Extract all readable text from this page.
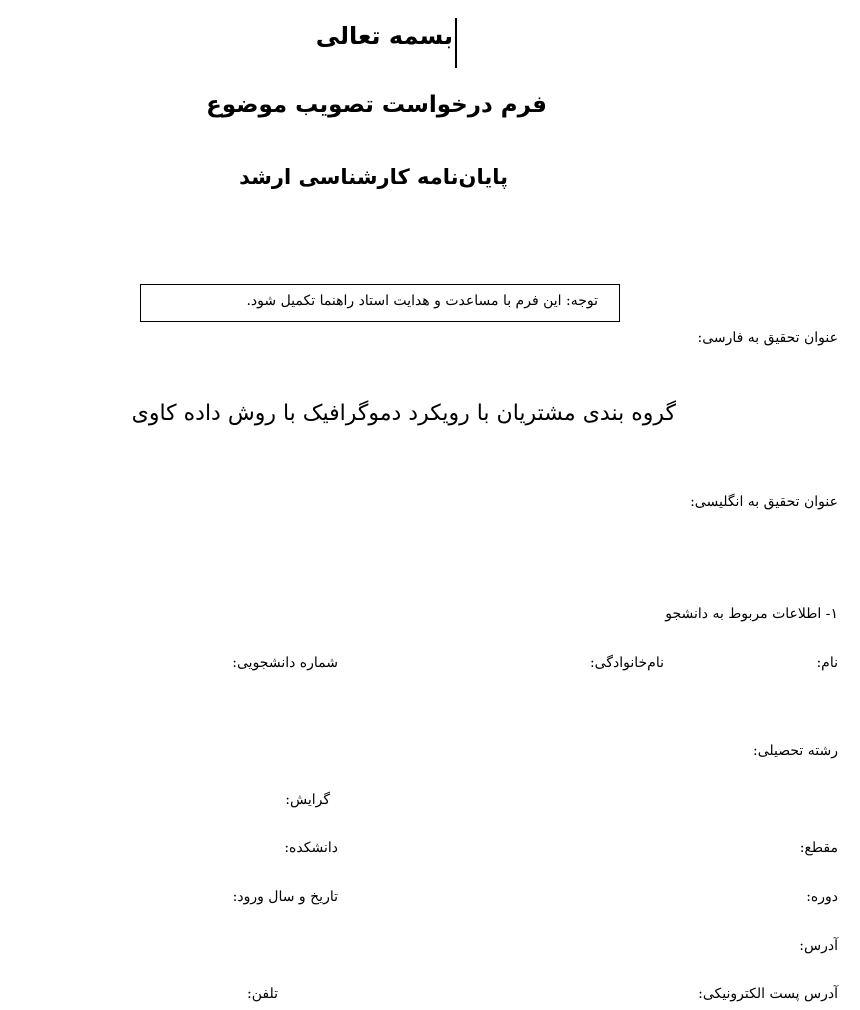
بسمه تعالی
فرم درخواست تصویب موضوع
پایان‌نامه کارشناسی ارشد
توجه: این فرم با مساعدت و هدایت استاد راهنما تکمیل شود.
عنوان تحقیق به فارسی:
گروه بندی مشتریان با رویکرد دموگرافیک با روش داده کاوی
عنوان تحقیق به انگلیسی:
۱- اطلاعات مربوط به دانشجو
نام:
نام‌خانوادگی:
شماره دانشجویی:
رشته تحصیلی:
گرایش:
مقطع:
دانشکده:
دوره:
تاریخ و سال ورود:
آدرس:
آدرس پست الکترونیکی:
تلفن:
